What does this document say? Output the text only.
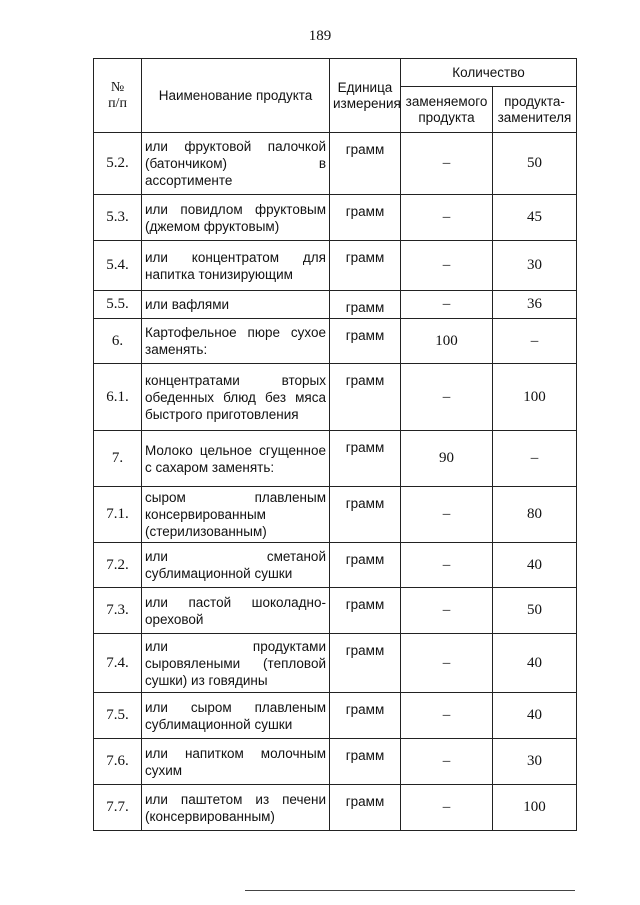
189
№
п/п	Наименование продукта	Единица измерения	Количество	
			заменяемого продукта	продукта-заменителя
5.2.	или фруктовой палочкой (батончиком) в ассортименте	грамм	–	50
5.3.	или повидлом фруктовым (джемом фруктовым)	грамм	–	45
5.4.	или концентратом для напитка тонизирующим	грамм	–	30
5.5.	или вафлями	грамм	–	36
6.	Картофельное пюре сухое заменять:	грамм	100	–
6.1.	концентратами вторых обеденных блюд без мяса быстрого приготовления	грамм	–	100
7.	Молоко цельное сгущенное с сахаром заменять:	грамм	90	–
7.1.	сыром плавленым консервированным (стерилизованным)	грамм	–	80
7.2.	или сметаной сублимационной сушки	грамм	–	40
7.3.	или пастой шоколадно-ореховой	грамм	–	50
7.4.	или продуктами сыровялеными (тепловой сушки) из говядины	грамм	–	40
7.5.	или сыром плавленым сублимационной сушки	грамм	–	40
7.6.	или напитком молочным сухим	грамм	–	30
7.7.	или паштетом из печени (консервированным)	грамм	–	100
